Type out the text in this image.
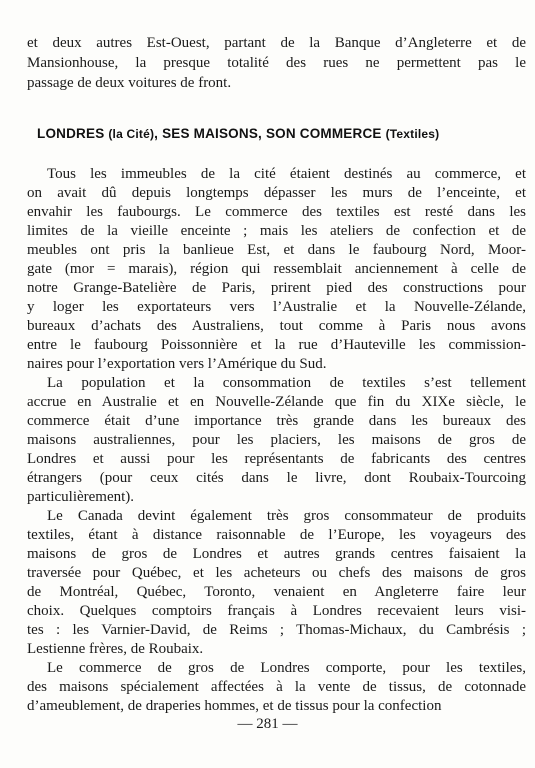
et deux autres Est-Ouest, partant de la Banque d’Angleterre et de
Mansionhouse, la presque totalité des rues ne permettent pas le
passage de deux voitures de front.
LONDRES (la Cité), SES MAISONS, SON COMMERCE (Textiles)
Tous les immeubles de la cité étaient destinés au commerce, et
on avait dû depuis longtemps dépasser les murs de l’enceinte, et
envahir les faubourgs. Le commerce des textiles est resté dans les
limites de la vieille enceinte ; mais les ateliers de confection et de
meubles ont pris la banlieue Est, et dans le faubourg Nord, Moor-
gate (mor = marais), région qui ressemblait anciennement à celle de
notre Grange-Batelière de Paris, prirent pied des constructions pour
y loger les exportateurs vers l’Australie et la Nouvelle-Zélande,
bureaux d’achats des Australiens, tout comme à Paris nous avons
entre le faubourg Poissonnière et la rue d’Hauteville les commission-
naires pour l’exportation vers l’Amérique du Sud.
La population et la consommation de textiles s’est tellement
accrue en Australie et en Nouvelle-Zélande que fin du XIXe siècle, le
commerce était d’une importance très grande dans les bureaux des
maisons australiennes, pour les placiers, les maisons de gros de
Londres et aussi pour les représentants de fabricants des centres
étrangers (pour ceux cités dans le livre, dont Roubaix-Tourcoing
particulièrement).
Le Canada devint également très gros consommateur de produits
textiles, étant à distance raisonnable de l’Europe, les voyageurs des
maisons de gros de Londres et autres grands centres faisaient la
traversée pour Québec, et les acheteurs ou chefs des maisons de gros
de Montréal, Québec, Toronto, venaient en Angleterre faire leur
choix. Quelques comptoirs français à Londres recevaient leurs visi-
tes : les Varnier-David, de Reims ; Thomas-Michaux, du Cambrésis ;
Lestienne frères, de Roubaix.
Le commerce de gros de Londres comporte, pour les textiles,
des maisons spécialement affectées à la vente de tissus, de cotonnade
d’ameublement, de draperies hommes, et de tissus pour la confection
— 281 —
